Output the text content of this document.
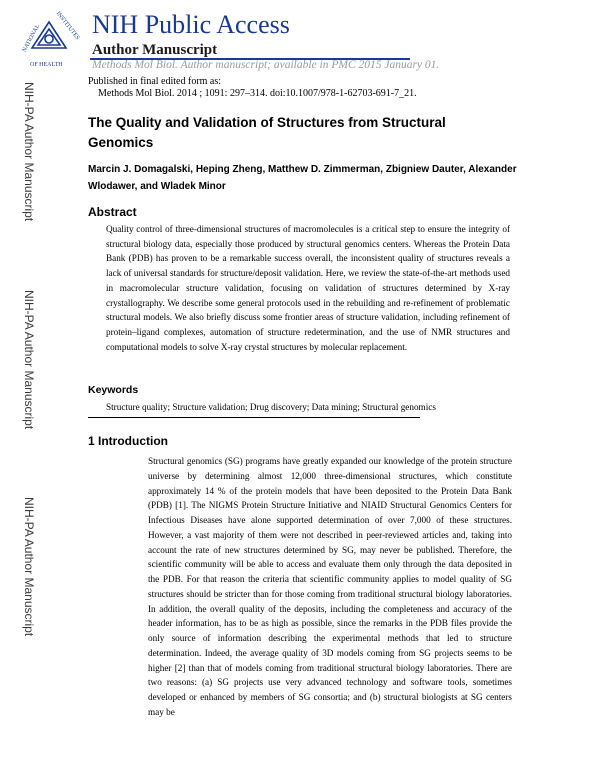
NATIONAL INSTITUTES
OF HEALTH
NIH Public Access
Author Manuscript
Methods Mol Biol. Author manuscript; available in PMC 2015 January 01.
Published in final edited form as:
Methods Mol Biol. 2014 ; 1091: 297–314. doi:10.1007/978-1-62703-691-7_21.
NIH-PA Author Manuscript
NIH-PA Author Manuscript
NIH-PA Author Manuscript
The Quality and Validation of Structures from Structural Genomics
Marcin J. Domagalski, Heping Zheng, Matthew D. Zimmerman, Zbigniew Dauter, Alexander Wlodawer, and Wladek Minor
Abstract
Quality control of three-dimensional structures of macromolecules is a critical step to ensure the integrity of structural biology data, especially those produced by structural genomics centers. Whereas the Protein Data Bank (PDB) has proven to be a remarkable success overall, the inconsistent quality of structures reveals a lack of universal standards for structure/deposit validation. Here, we review the state-of-the-art methods used in macromolecular structure validation, focusing on validation of structures determined by X-ray crystallography. We describe some general protocols used in the rebuilding and re-refinement of problematic structural models. We also briefly discuss some frontier areas of structure validation, including refinement of protein–ligand complexes, automation of structure redetermination, and the use of NMR structures and computational models to solve X-ray crystal structures by molecular replacement.
Keywords
Structure quality; Structure validation; Drug discovery; Data mining; Structural genomics
1 Introduction
Structural genomics (SG) programs have greatly expanded our knowledge of the protein structure universe by determining almost 12,000 three-dimensional structures, which constitute approximately 14 % of the protein models that have been deposited to the Protein Data Bank (PDB) [1]. The NIGMS Protein Structure Initiative and NIAID Structural Genomics Centers for Infectious Diseases have alone supported determination of over 7,000 of these structures. However, a vast majority of them were not described in peer-reviewed articles and, taking into account the rate of new structures determined by SG, may never be published. Therefore, the scientific community will be able to access and evaluate them only through the data deposited in the PDB. For that reason the criteria that scientific community applies to model quality of SG structures should be stricter than for those coming from traditional structural biology laboratories. In addition, the overall quality of the deposits, including the completeness and accuracy of the header information, has to be as high as possible, since the remarks in the PDB files provide the only source of information describing the experimental methods that led to structure determination. Indeed, the average quality of 3D models coming from SG projects seems to be higher [2] than that of models coming from traditional structural biology laboratories. There are two reasons: (a) SG projects use very advanced technology and software tools, sometimes developed or enhanced by members of SG consortia; and (b) structural biologists at SG centers may be
